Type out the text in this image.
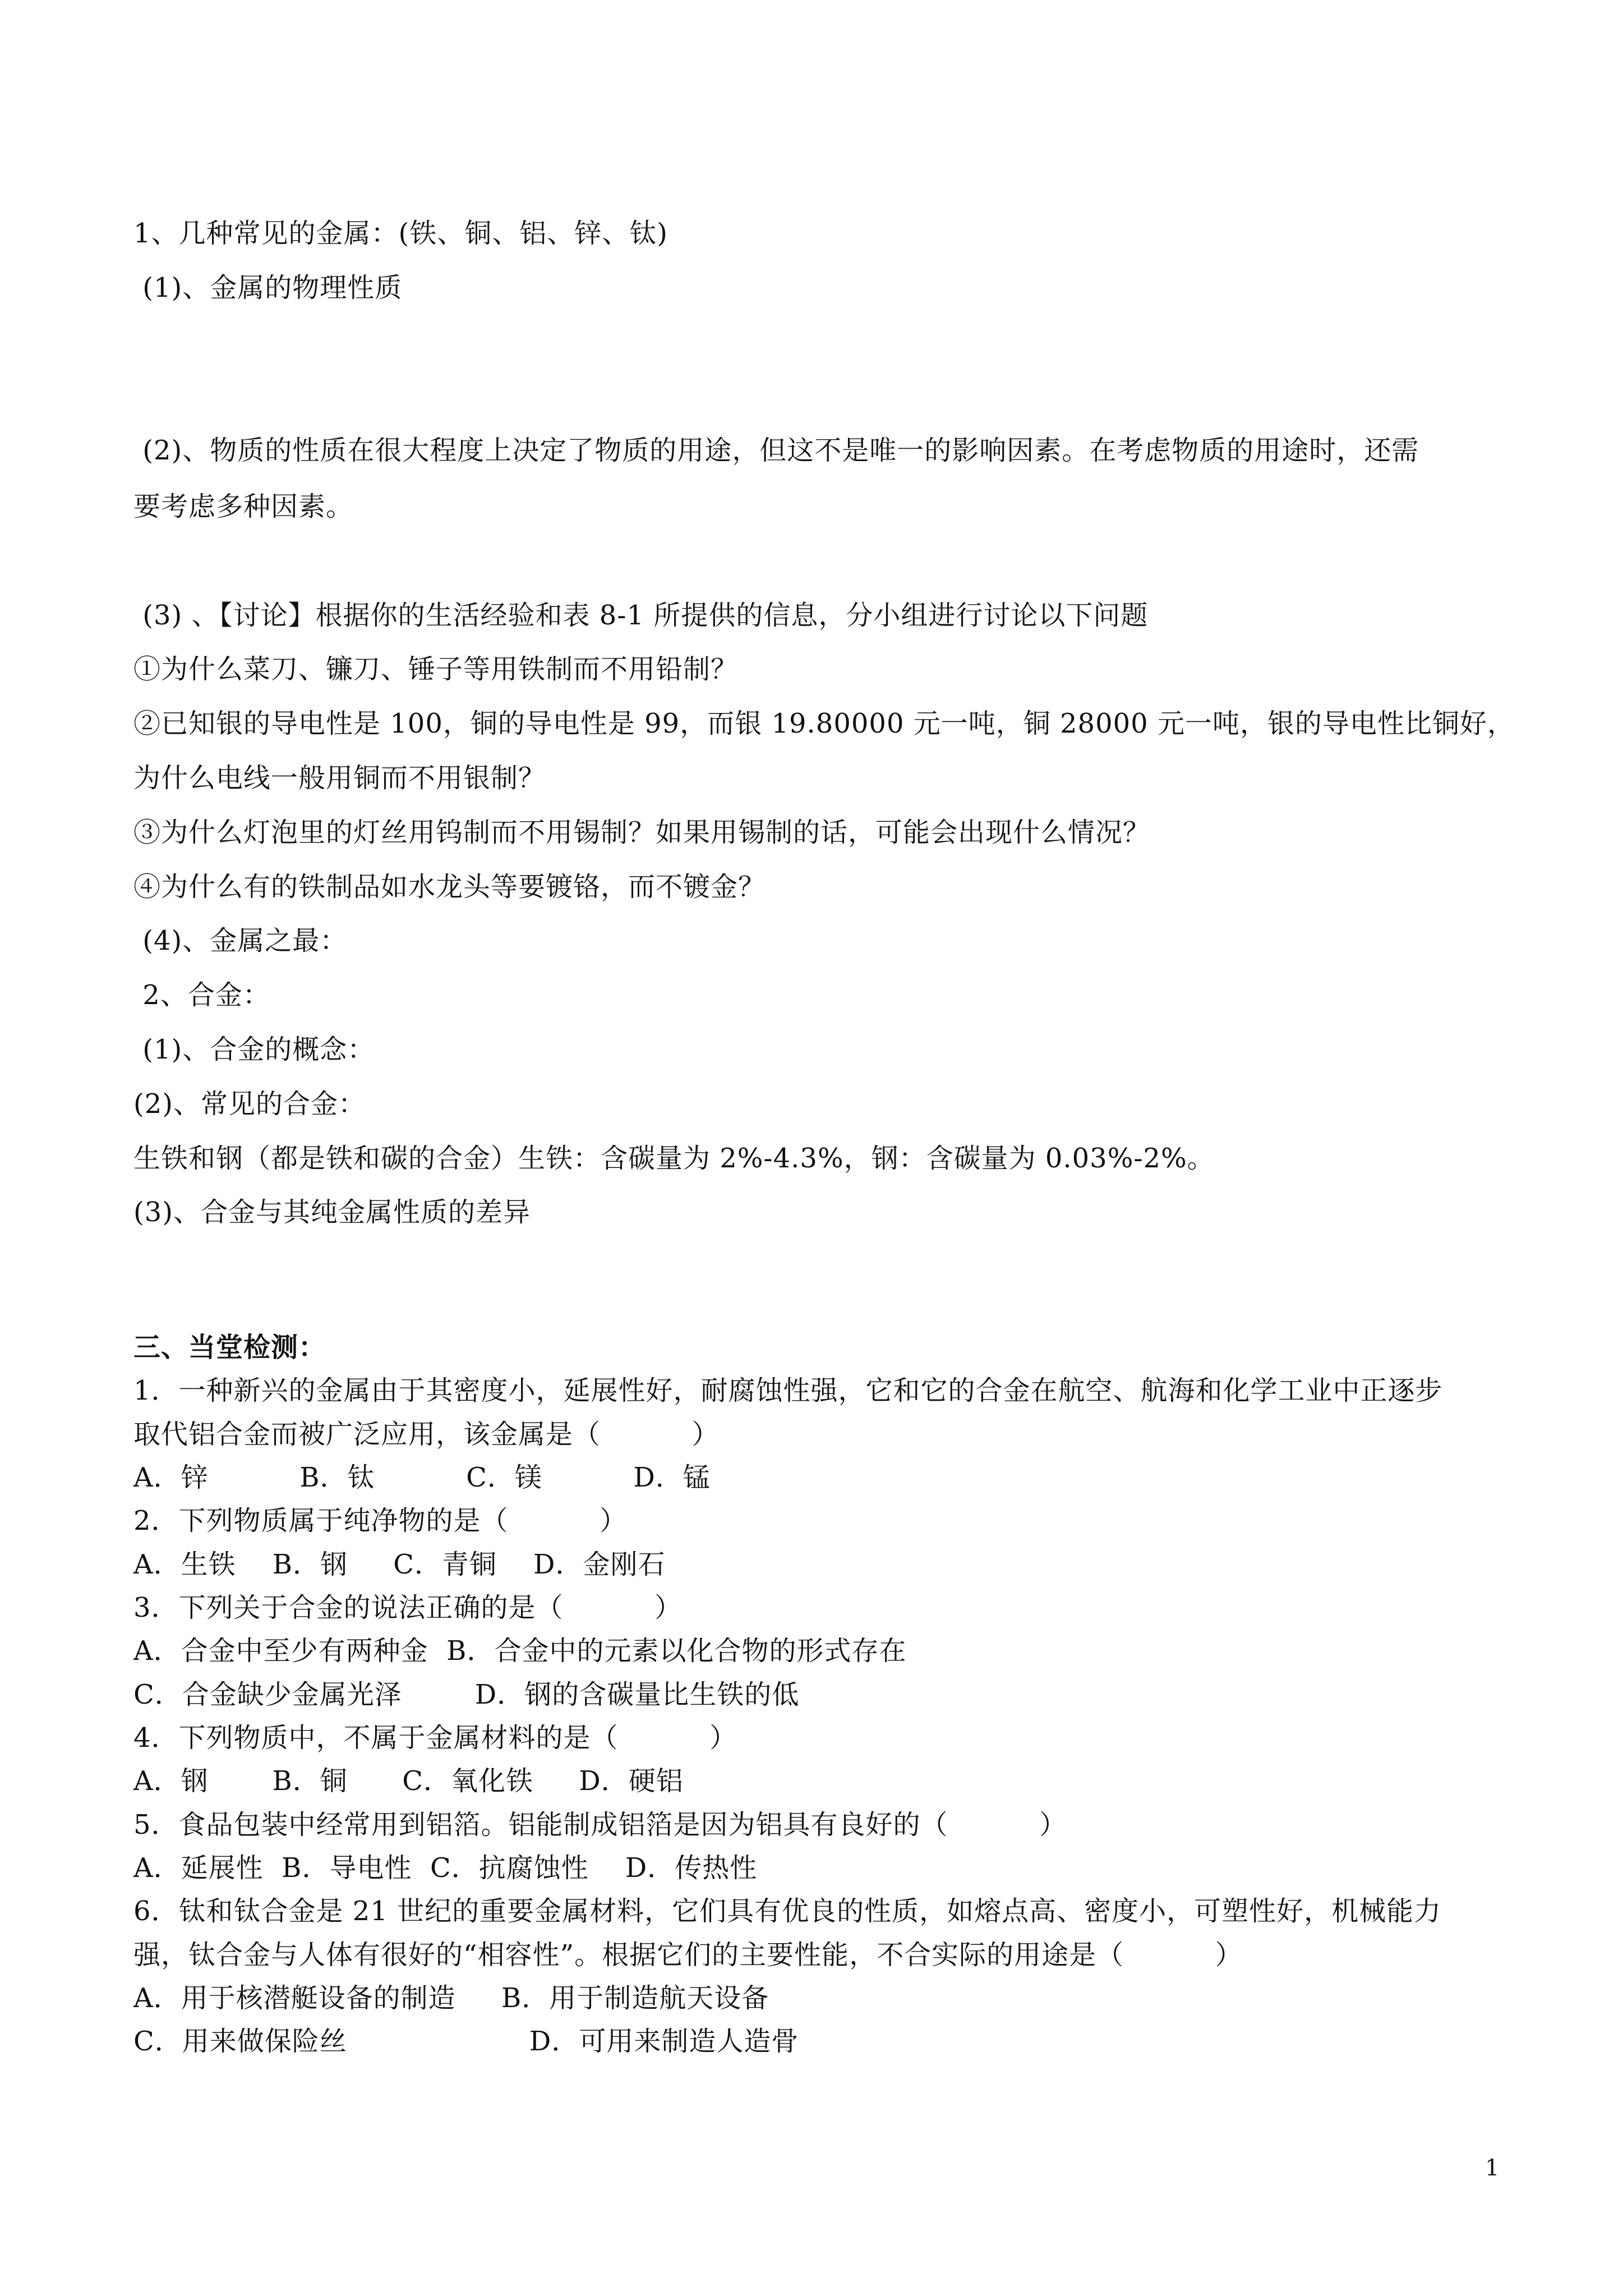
1、几种常见的金属：(铁、铜、铝、锌、钛)
(1)、金属的物理性质
(2)、物质的性质在很大程度上决定了物质的用途，但这不是唯一的影响因素。在考虑物质的用途时，还需
要考虑多种因素。
(3) 、【讨论】根据你的生活经验和表 8-1 所提供的信息，分小组进行讨论以下问题
①为什么菜刀、镰刀、锤子等用铁制而不用铅制？
②已知银的导电性是 100，铜的导电性是 99，而银 19.80000 元一吨，铜 28000 元一吨，银的导电性比铜好，
为什么电线一般用铜而不用银制？
③为什么灯泡里的灯丝用钨制而不用锡制？如果用锡制的话，可能会出现什么情况？
④为什么有的铁制品如水龙头等要镀铬，而不镀金？
(4)、金属之最：
2、合金：
(1)、合金的概念：
(2)、常见的合金：
生铁和钢（都是铁和碳的合金）生铁：含碳量为 2%-4.3%，钢：含碳量为 0.03%-2%。
(3)、合金与其纯金属性质的差异
三、当堂检测：
1．一种新兴的金属由于其密度小，延展性好，耐腐蚀性强，它和它的合金在航空、航海和化学工业中正逐步
取代铝合金而被广泛应用，该金属是（          ）
A．锌          B．钛          C．镁          D．锰
2．下列物质属于纯净物的是（          ）
A．生铁    B．钢     C．青铜    D．金刚石
3．下列关于合金的说法正确的是（          ）
A．合金中至少有两种金  B．合金中的元素以化合物的形式存在
C．合金缺少金属光泽        D．钢的含碳量比生铁的低
4．下列物质中，不属于金属材料的是（          ）
A．钢       B．铜      C．氧化铁     D．硬铝
5．食品包装中经常用到铝箔。铝能制成铝箔是因为铝具有良好的（          ）
A．延展性  B．导电性  C．抗腐蚀性    D．传热性
6．钛和钛合金是 21 世纪的重要金属材料，它们具有优良的性质，如熔点高、密度小，可塑性好，机械能力
强，钛合金与人体有很好的“相容性”。根据它们的主要性能，不合实际的用途是（          ）
A．用于核潜艇设备的制造     B．用于制造航天设备
C．用来做保险丝                    D．可用来制造人造骨
1
